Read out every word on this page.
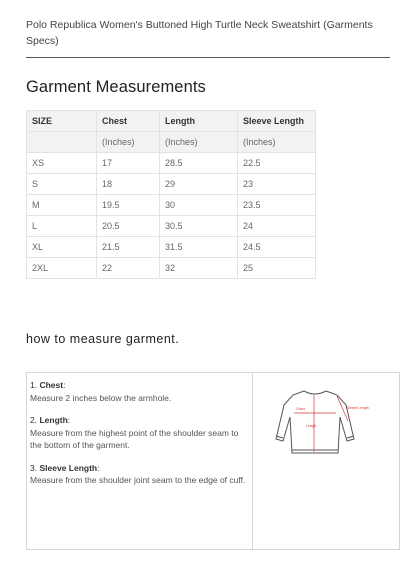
Polo Republica Women's Buttoned High Turtle Neck Sweatshirt (Garments Specs)
Garment Measurements
SIZE	Chest	Length	Sleeve Length
	(Inches)	(Inches)	(Inches)
XS	17	28.5	22.5
S	18	29	23
M	19.5	30	23.5
L	20.5	30.5	24
XL	21.5	31.5	24.5
2XL	22	32	25
how to measure garment.
1. Chest:
Measure 2 inches below the armhole.
2. Length:
Measure from the highest point of the shoulder seam to the bottom of the garment.
3. Sleeve Length:
Measure from the shoulder joint seam to the edge of cuff.
Chest
Length
Sleeve Length
